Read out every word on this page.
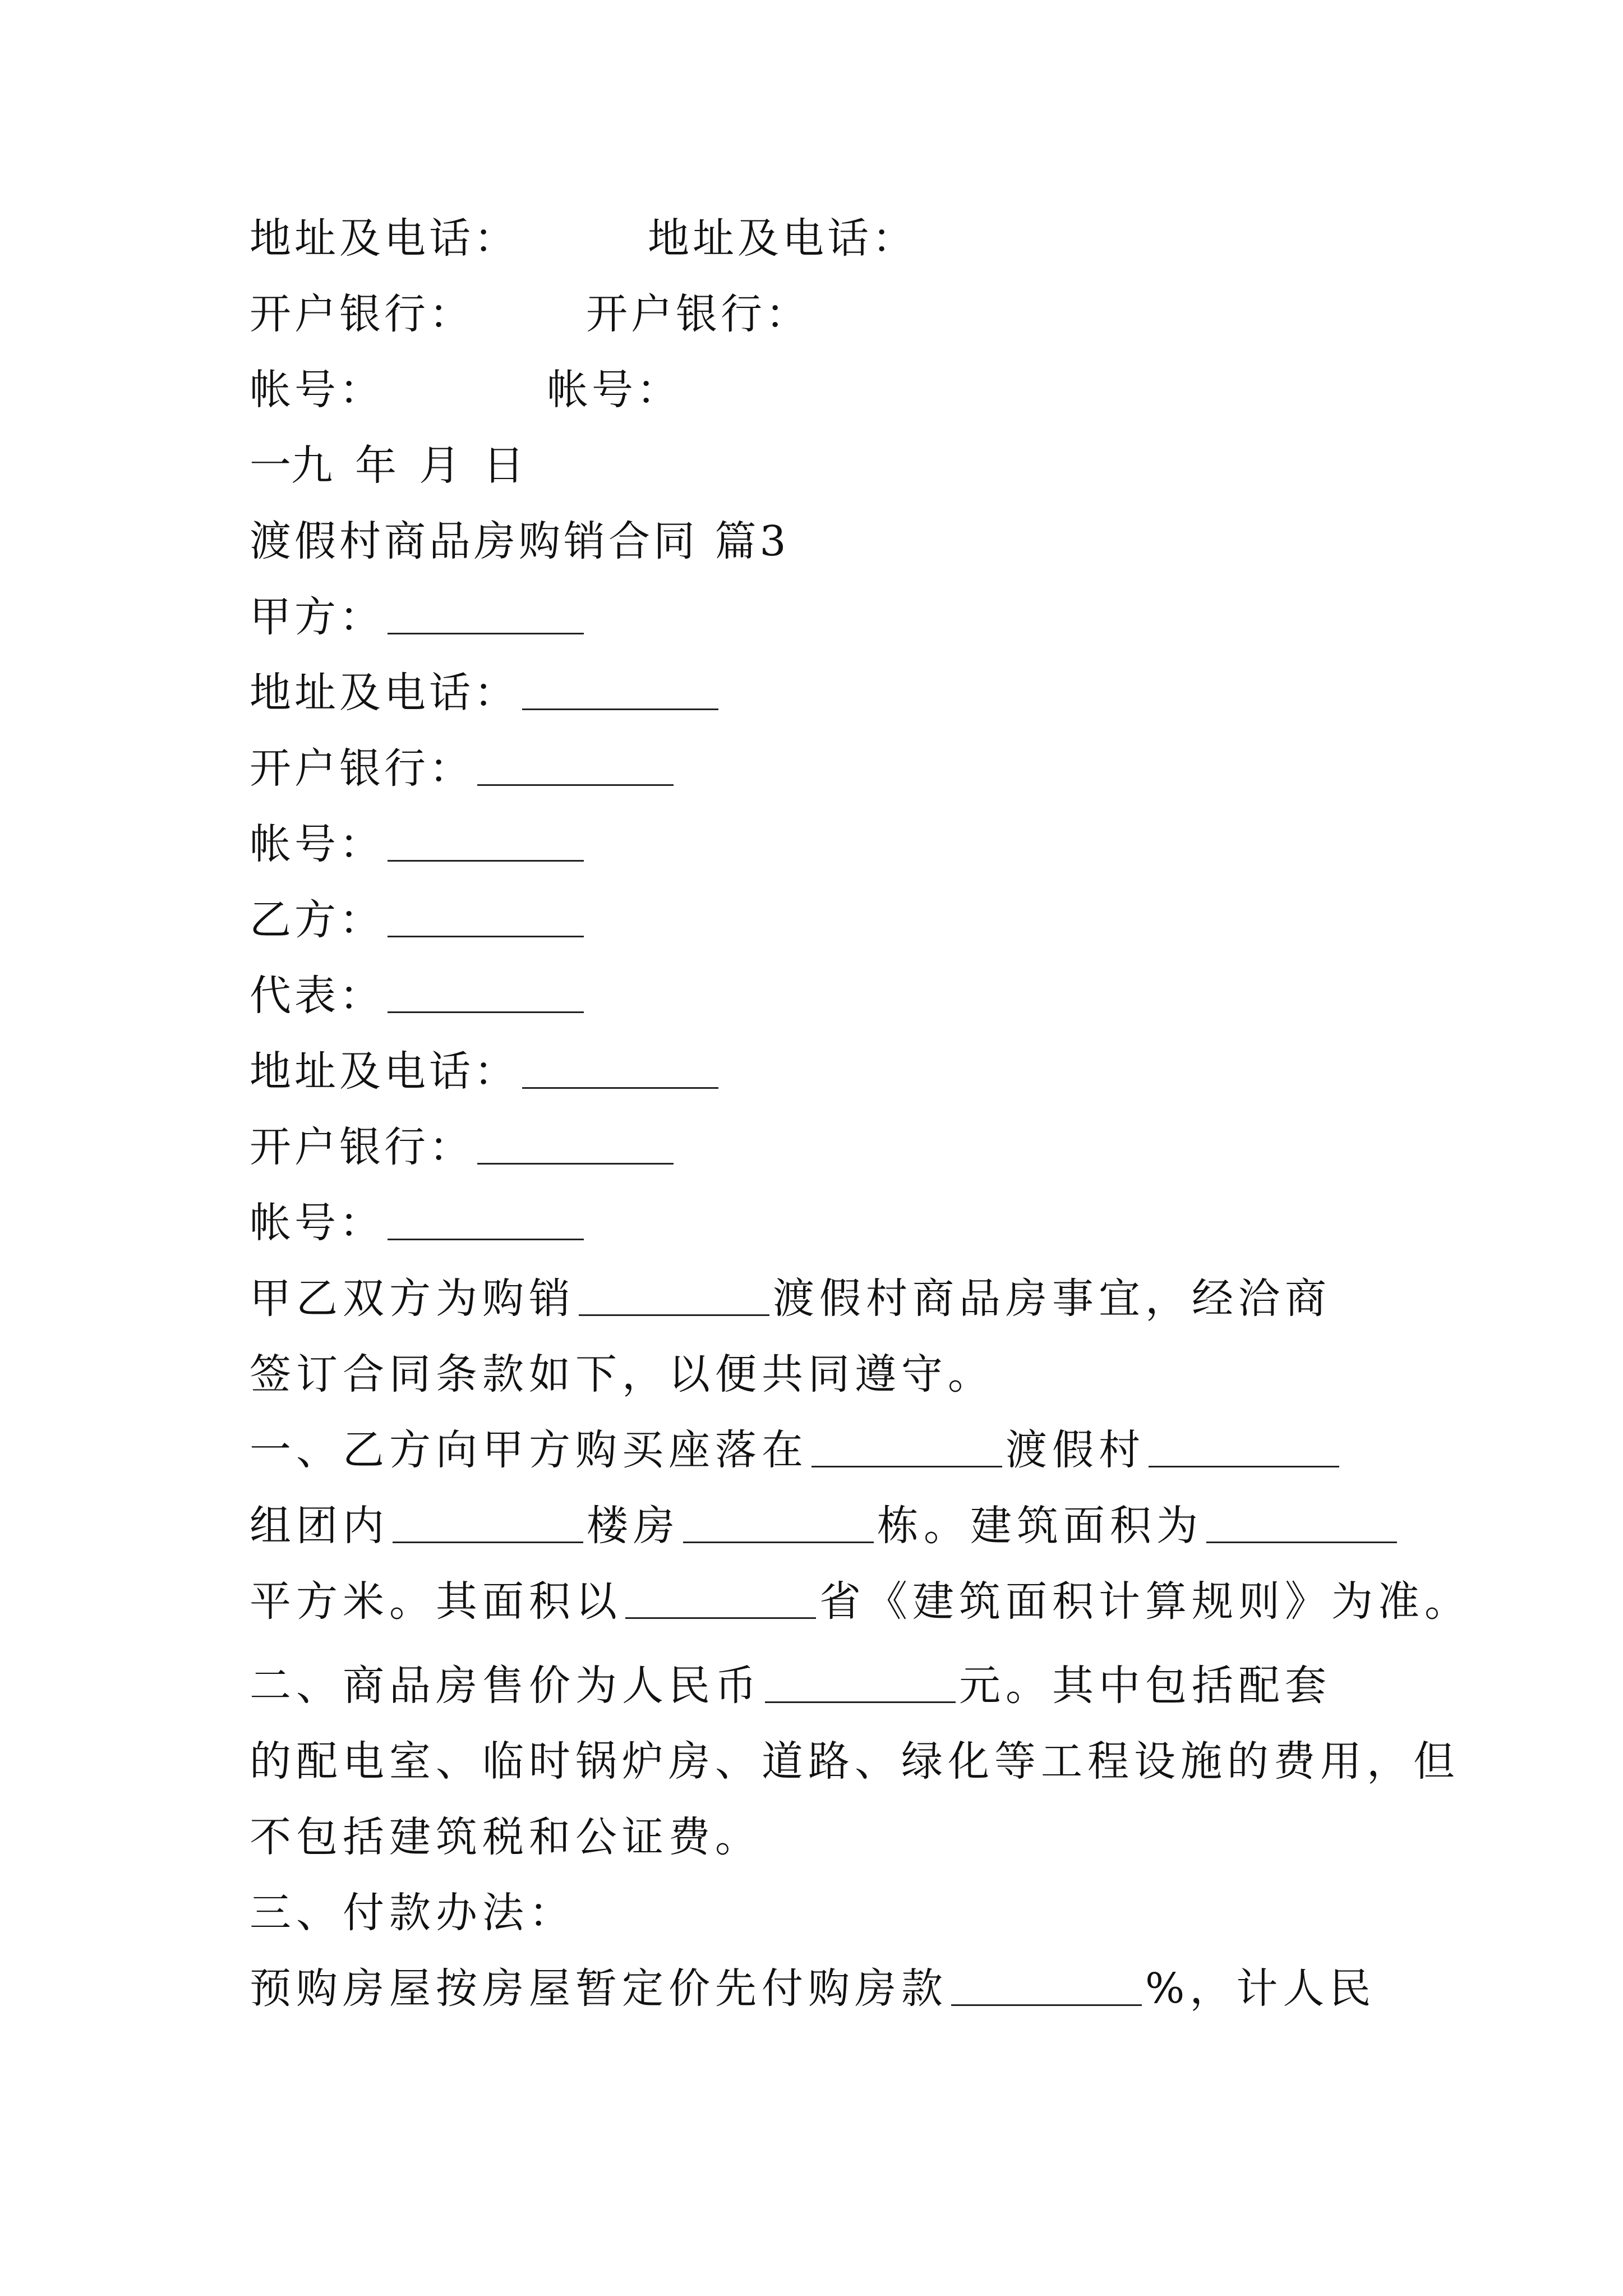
地址及电话：	地址及电话：
开户银行：	开户银行：
帐号：	帐号：
一九 年 月 日
渡假村商品房购销合同 篇3
甲方：
地址及电话：
开户银行：
帐号：
乙方：
代表：
地址及电话：
开户银行：
帐号：
甲乙双方为购销	渡假村商品房事宜，经洽商
签订合同条款如下，以便共同遵守。
一、乙方向甲方购买座落在	渡假村
组团内	楼房	栋。建筑面积为
平方米。其面积以	省《建筑面积计算规则》为准。
二、商品房售价为人民币	元。其中包括配套
的配电室、临时锅炉房、道路、绿化等工程设施的费用，但
不包括建筑税和公证费。
三、付款办法：
预购房屋按房屋暂定价先付购房款	%，计人民
